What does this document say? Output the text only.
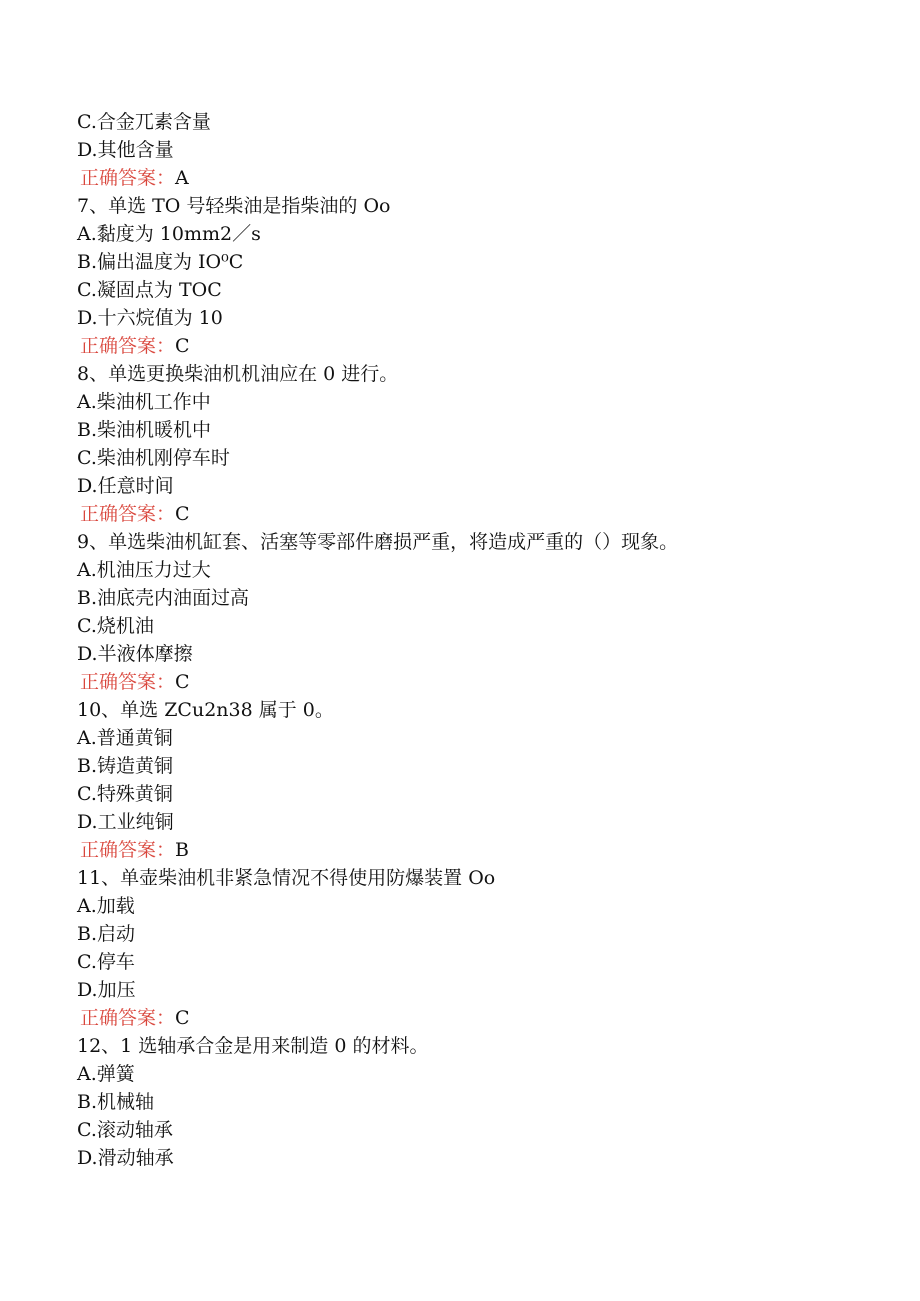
C.合金兀素含量
D.其他含量
正确答案：A
7、单选 TO 号轻柴油是指柴油的 Oo
A.黏度为 10mm2／s
B.偏出温度为 IO⁰C
C.凝固点为 TOC
D.十六烷值为 10
正确答案：C
8、单选更换柴油机机油应在 0 进行。
A.柴油机工作中
B.柴油机暖机中
C.柴油机刚停车时
D.任意时间
正确答案：C
9、单选柴油机缸套、活塞等零部件磨损严重，将造成严重的（）现象。
A.机油压力过大
B.油底壳内油面过高
C.烧机油
D.半液体摩擦
正确答案：C
10、单选 ZCu2n38 属于 0。
A.普通黄铜
B.铸造黄铜
C.特殊黄铜
D.工业纯铜
正确答案：B
11、单壶柴油机非紧急情况不得使用防爆装置 Oo
A.加载
B.启动
C.停车
D.加压
正确答案：C
12、1 选轴承合金是用来制造 0 的材料。
A.弹簧
B.机械轴
C.滚动轴承
D.滑动轴承
